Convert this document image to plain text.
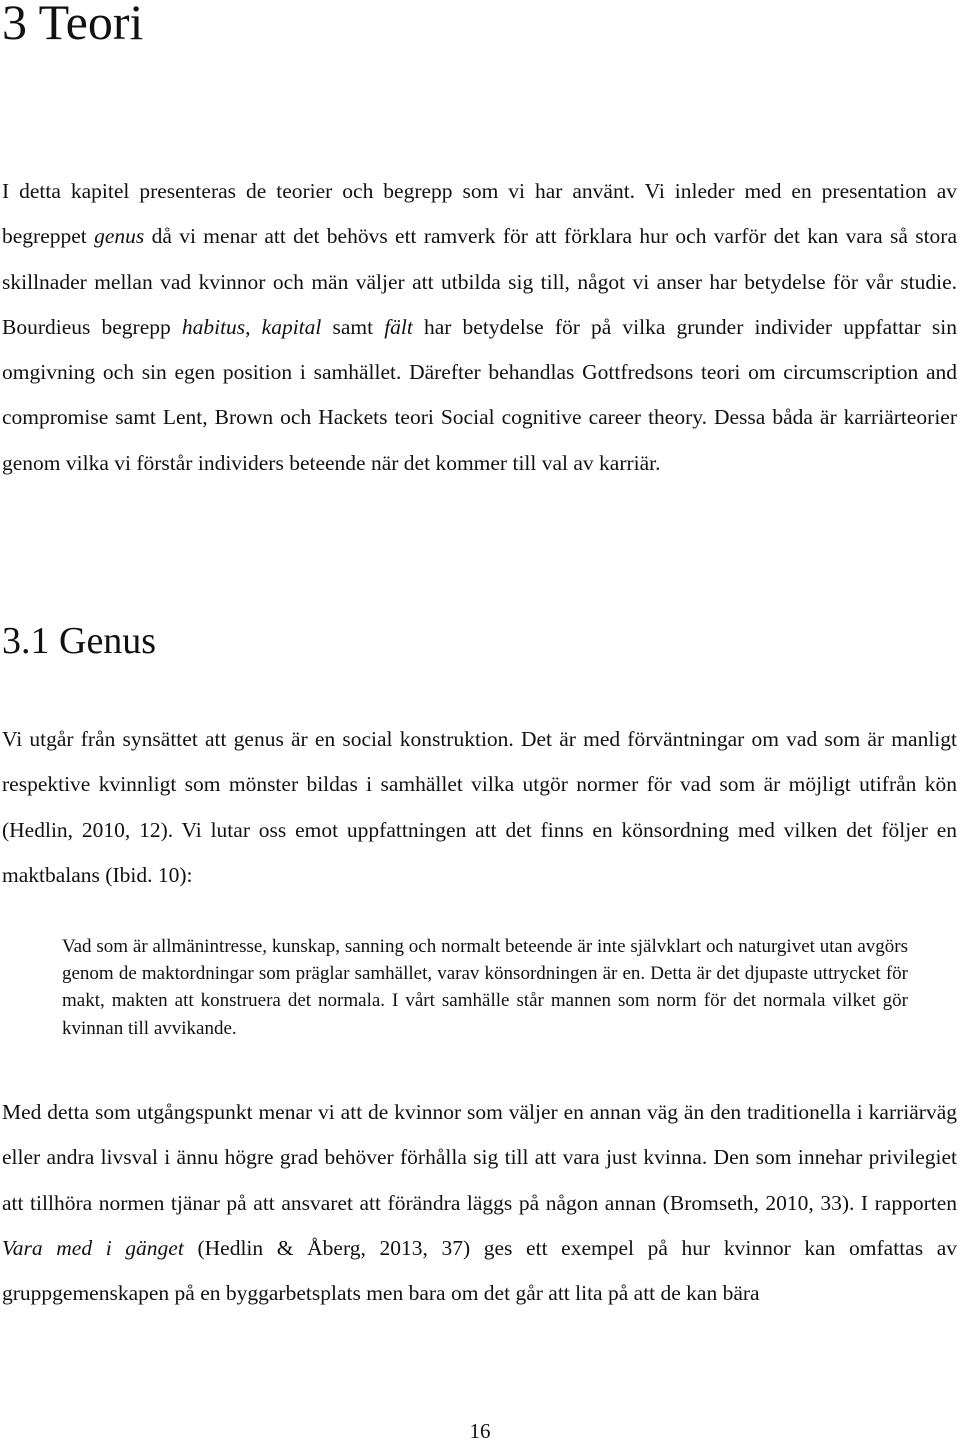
3 Teori

I detta kapitel presenteras de teorier och begrepp som vi har använt. Vi inleder med en presentation av begreppet genus då vi menar att det behövs ett ramverk för att förklara hur och varför det kan vara så stora skillnader mellan vad kvinnor och män väljer att utbilda sig till, något vi anser har betydelse för vår studie. Bourdieus begrepp habitus, kapital samt fält har betydelse för på vilka grunder individer uppfattar sin omgivning och sin egen position i samhället. Därefter behandlas Gottfredsons teori om circumscription and compromise samt Lent, Brown och Hackets teori Social cognitive career theory. Dessa båda är karriärteorier genom vilka vi förstår individers beteende när det kommer till val av karriär.

3.1 Genus

Vi utgår från synsättet att genus är en social konstruktion. Det är med förväntningar om vad som är manligt respektive kvinnligt som mönster bildas i samhället vilka utgör normer för vad som är möjligt utifrån kön (Hedlin, 2010, 12). Vi lutar oss emot uppfattningen att det finns en könsordning med vilken det följer en maktbalans (Ibid. 10):

Vad som är allmänintresse, kunskap, sanning och normalt beteende är inte självklart och naturgivet utan avgörs genom de maktordningar som präglar samhället, varav könsordningen är en. Detta är det djupaste uttrycket för makt, makten att konstruera det normala. I vårt samhälle står mannen som norm för det normala vilket gör kvinnan till avvikande.

Med detta som utgångspunkt menar vi att de kvinnor som väljer en annan väg än den traditionella i karriärväg eller andra livsval i ännu högre grad behöver förhålla sig till att vara just kvinna. Den som innehar privilegiet att tillhöra normen tjänar på att ansvaret att förändra läggs på någon annan (Bromseth, 2010, 33). I rapporten Vara med i gänget (Hedlin & Åberg, 2013, 37) ges ett exempel på hur kvinnor kan omfattas av gruppgemenskapen på en byggarbetsplats men bara om det går att lita på att de kan bära

16
